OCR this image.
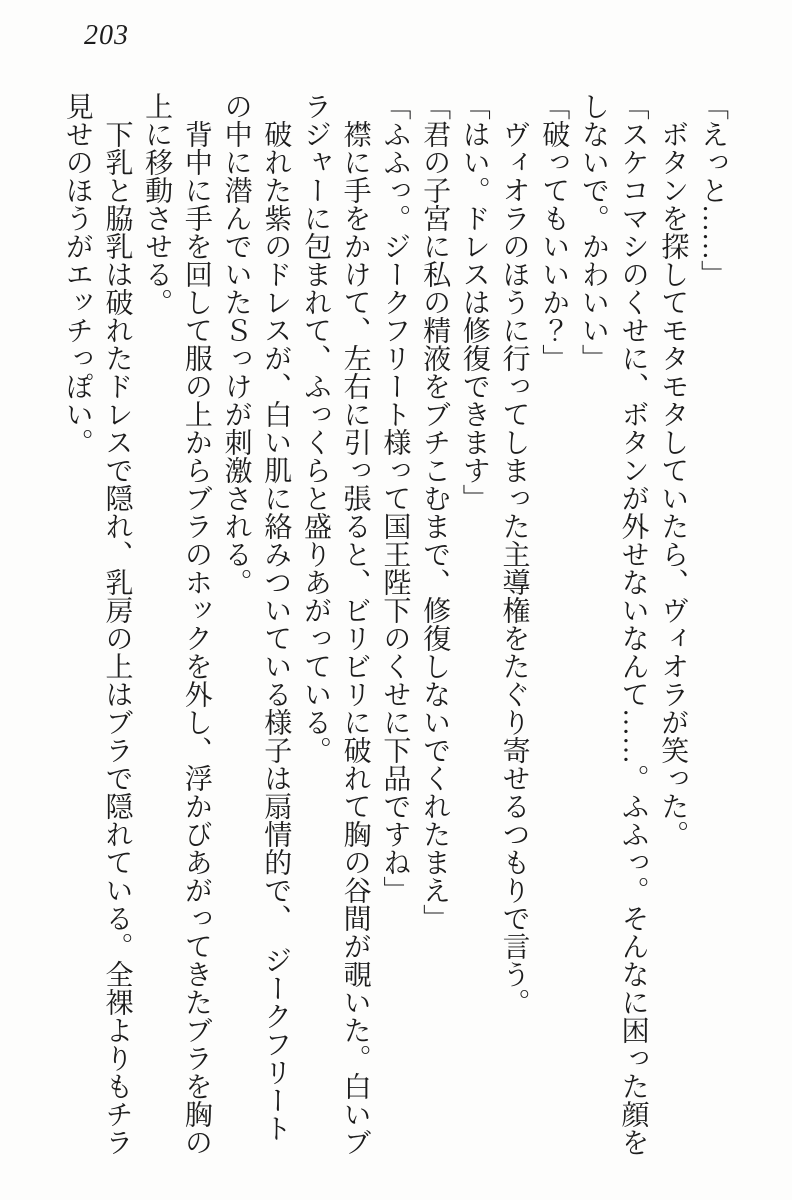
203

「えっと……」

　ボタンを探してモタモタしていたら、ヴィオラが笑った。

「スケコマシのくせに、ボタンが外せないなんて……。ふふっ。そんなに困った顔をしないで。かわいい」

「破ってもいいか？」

　ヴィオラのほうに行ってしまった主導権をたぐり寄せるつもりで言う。

「はい。ドレスは修復できます」

「君の子宮に私の精液をブチこむまで、修復しないでくれたまえ」

「ふふっ。ジークフリート様って国王陛下のくせに下品ですね」

　襟に手をかけて、左右に引っ張ると、ビリビリに破れて胸の谷間が覗いた。白いブラジャーに包まれて、ふっくらと盛りあがっている。

　破れた紫のドレスが、白い肌に絡みついている様子は扇情的で、　ジークフリートの中に潜んでいたＳっけが刺激される。

　背中に手を回して服の上からブラのホックを外し、浮かびあがってきたブラを胸の上に移動させる。

　下乳と脇乳は破れたドレスで隠れ、乳房の上はブラで隠れている。全裸よりもチラ見せのほうがエッチっぽい。
